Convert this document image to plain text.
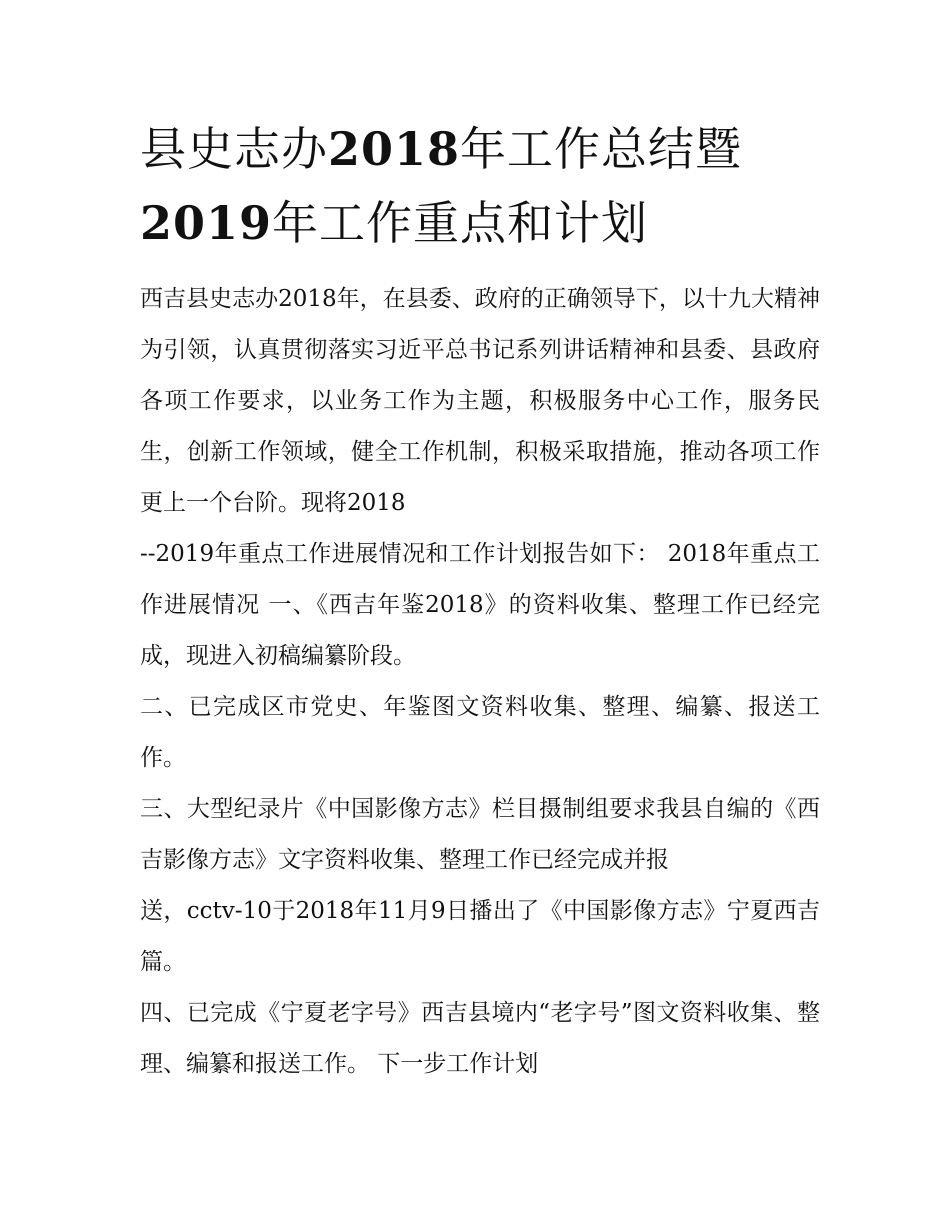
县史志办2018年工作总结暨
2019年工作重点和计划

西吉县史志办2018年，在县委、政府的正确领导下，以十九大精神为引领，认真贯彻落实习近平总书记系列讲话精神和县委、县政府各项工作要求，以业务工作为主题，积极服务中心工作，服务民生，创新工作领域，健全工作机制，积极采取措施，推动各项工作更上一个台阶。现将2018

--2019年重点工作进展情况和工作计划报告如下： 2018年重点工作进展情况 一、《西吉年鉴2018》的资料收集、整理工作已经完成，现进入初稿编纂阶段。

二、已完成区市党史、年鉴图文资料收集、整理、编纂、报送工作。

三、大型纪录片《中国影像方志》栏目摄制组要求我县自编的《西吉影像方志》文字资料收集、整理工作已经完成并报

送，cctv-10于2018年11月9日播出了《中国影像方志》宁夏西吉篇。

四、已完成《宁夏老字号》西吉县境内“老字号”图文资料收集、整理、编纂和报送工作。 下一步工作计划
